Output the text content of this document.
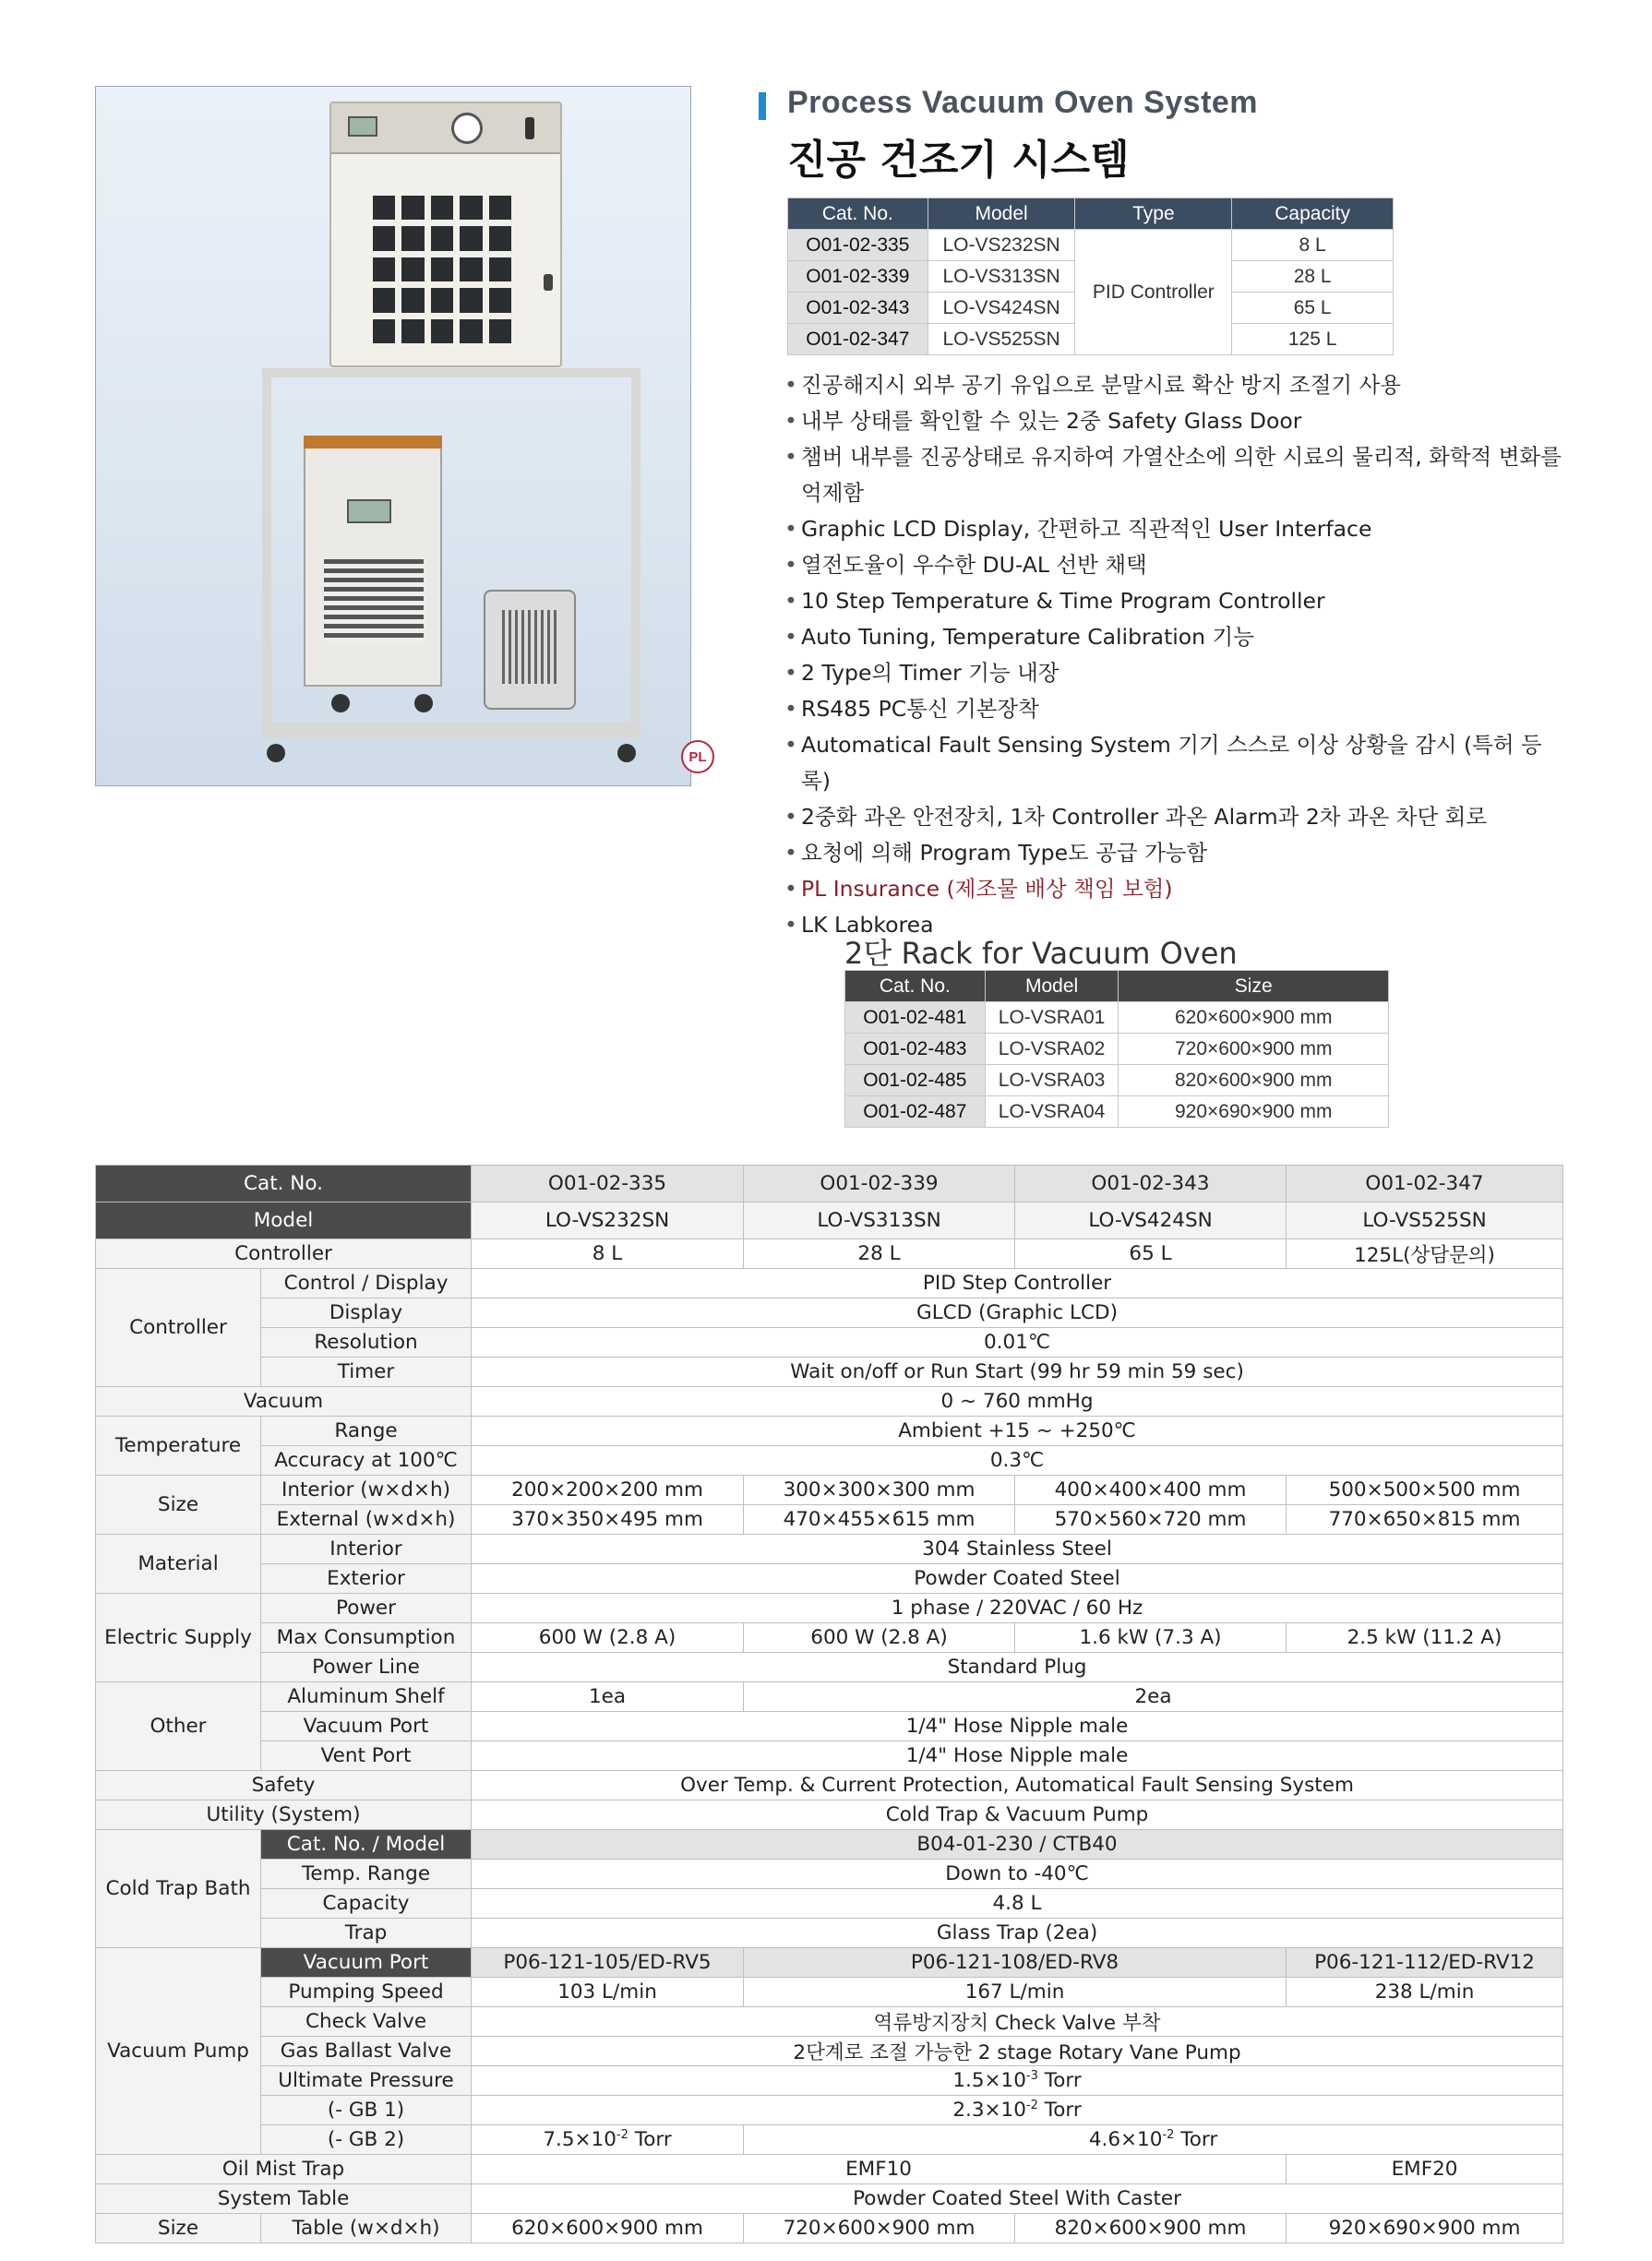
PL
Process Vacuum Oven System
진공 건조기 시스템
Cat. No.	Model	Type	Capacity
O01-02-335	LO-VS232SN	PID Controller	8 L
O01-02-339	LO-VS313SN		28 L
O01-02-343	LO-VS424SN		65 L
O01-02-347	LO-VS525SN		125 L
• 진공해지시 외부 공기 유입으로 분말시료 확산 방지 조절기 사용
• 내부 상태를 확인할 수 있는 2중 Safety Glass Door
• 챔버 내부를 진공상태로 유지하여 가열산소에 의한 시료의 물리적, 화학적 변화를 억제함
• Graphic LCD Display, 간편하고 직관적인 User Interface
• 열전도율이 우수한 DU-AL 선반 채택
• 10 Step Temperature & Time Program Controller
• Auto Tuning, Temperature Calibration 기능
• 2 Type의 Timer 기능 내장
• RS485 PC통신 기본장착
• Automatical Fault Sensing System 기기 스스로 이상 상황을 감시 (특허 등록)
• 2중화 과온 안전장치, 1차 Controller 과온 Alarm과 2차 과온 차단 회로
• 요청에 의해 Program Type도 공급 가능함
• PL Insurance (제조물 배상 책임 보험)
• LK Labkorea
2단 Rack for Vacuum Oven
Cat. No.	Model	Size
O01-02-481	LO-VSRA01	620×600×900 mm
O01-02-483	LO-VSRA02	720×600×900 mm
O01-02-485	LO-VSRA03	820×600×900 mm
O01-02-487	LO-VSRA04	920×690×900 mm
Cat. No.		O01-02-335	O01-02-339	O01-02-343	O01-02-347
Model		LO-VS232SN	LO-VS313SN	LO-VS424SN	LO-VS525SN
Controller		8 L	28 L	65 L	125L(상담문의)
Controller	Control / Display	PID Step Controller			
	Display	GLCD (Graphic LCD)			
	Resolution	0.01℃			
	Timer	Wait on/off or Run Start (99 hr 59 min 59 sec)			
Vacuum		0 ~ 760 mmHg			
Temperature	Range	Ambient +15 ~ +250℃			
	Accuracy at 100℃	0.3℃			
Size	Interior (w×d×h)	200×200×200 mm	300×300×300 mm	400×400×400 mm	500×500×500 mm
	External (w×d×h)	370×350×495 mm	470×455×615 mm	570×560×720 mm	770×650×815 mm
Material	Interior	304 Stainless Steel			
	Exterior	Powder Coated Steel			
Electric Supply	Power	1 phase / 220VAC / 60 Hz			
	Max Consumption	600 W (2.8 A)	600 W (2.8 A)	1.6 kW (7.3 A)	2.5 kW (11.2 A)
	Power Line	Standard Plug			
Other	Aluminum Shelf	1ea	2ea		
	Vacuum Port	1/4" Hose Nipple male			
	Vent Port	1/4" Hose Nipple male			
Safety		Over Temp. & Current Protection, Automatical Fault Sensing System			
Utility (System)		Cold Trap & Vacuum Pump			
Cold Trap Bath	Cat. No. / Model	B04-01-230 / CTB40			
	Temp. Range	Down to -40℃			
	Capacity	4.8 L			
	Trap	Glass Trap (2ea)			
Vacuum Pump	Vacuum Port	P06-121-105/ED-RV5	P06-121-108/ED-RV8		P06-121-112/ED-RV12
	Pumping Speed	103 L/min	167 L/min		238 L/min
	Check Valve	역류방지장치 Check Valve 부착			
	Gas Ballast Valve	2단계로 조절 가능한 2 stage Rotary Vane Pump			
	Ultimate Pressure	$1.5\times 10^{-3}$ Torr			
	(- GB 1)	$2.3\times 10^{-2}$ Torr			
	(- GB 2)	$7.5\times 10^{-2}$ Torr	$4.6\times 10^{-2}$ Torr		
Oil Mist Trap		EMF10			EMF20
System Table		Powder Coated Steel With Caster			
Size	Table (w×d×h)	620×600×900 mm	720×600×900 mm	820×600×900 mm	920×690×900 mm
